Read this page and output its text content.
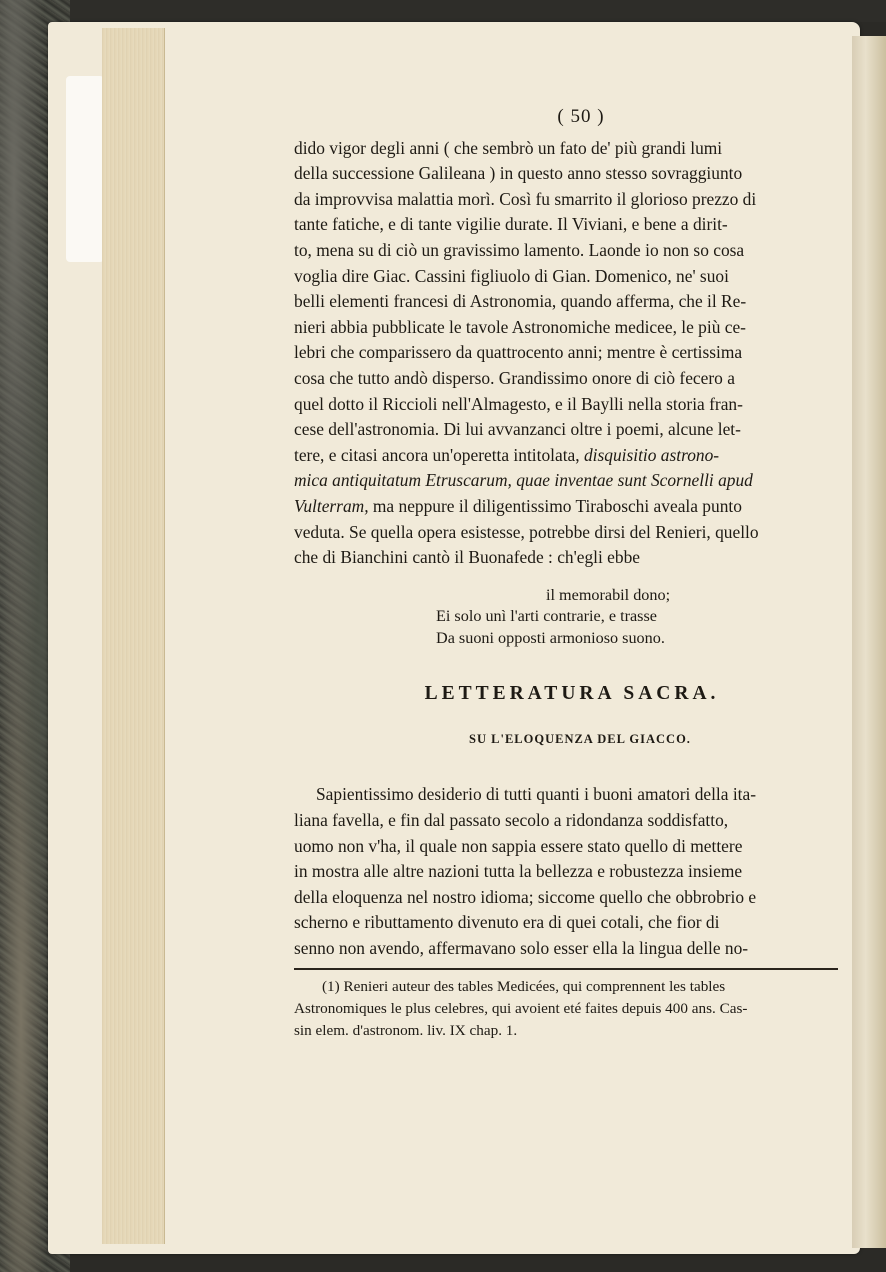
( 50 )

dido vigor degli anni ( che sembrò un fato de' più grandi lumi

della successione Galileana ) in questo anno stesso sovraggiunto

da improvvisa malattia morì. Così fu smarrito il glorioso prezzo di

tante fatiche, e di tante vigilie durate. Il Viviani, e bene a dirit-

to, mena su di ciò un gravissimo lamento. Laonde io non so cosa

voglia dire Giac. Cassini figliuolo di Gian. Domenico, ne' suoi

belli elementi francesi di Astronomia, quando afferma, che il Re-

nieri abbia pubblicate le tavole Astronomiche medicee, le più ce-

lebri che comparissero da quattrocento anni; mentre è certissima

cosa che tutto andò disperso. Grandissimo onore di ciò fecero a

quel dotto il Riccioli nell'Almagesto, e il Baylli nella storia fran-

cese dell'astronomia. Di lui avvanzanci oltre i poemi, alcune let-

tere, e citasi ancora un'operetta intitolata, disquisitio astrono-

mica antiquitatum Etruscarum, quae inventae sunt Scornelli apud

Vulterram, ma neppure il diligentissimo Tiraboschi aveala punto

veduta. Se quella opera esistesse, potrebbe dirsi del Renieri, quello

che di Bianchini cantò il Buonafede : ch'egli ebbe

il memorabil dono;
Ei solo unì l'arti contrarie, e trasse
Da suoni opposti armonioso suono.
LETTERATURA SACRA.
SU L'ELOQUENZA DEL GIACCO.

Sapientissimo desiderio di tutti quanti i buoni amatori della ita-

liana favella, e fin dal passato secolo a ridondanza soddisfatto,

uomo non v'ha, il quale non sappia essere stato quello di mettere

in mostra alle altre nazioni tutta la bellezza e robustezza insieme

della eloquenza nel nostro idioma; siccome quello che obbrobrio e

scherno e ributtamento divenuto era di quei cotali, che fior di

senno non avendo, affermavano solo esser ella la lingua delle no-

(1) Renieri auteur des tables Medicées, qui comprennent les tables
Astronomiques le plus celebres, qui avoient eté faites depuis 400 ans. Cas-
sin elem. d'astronom. liv. IX chap. 1.
